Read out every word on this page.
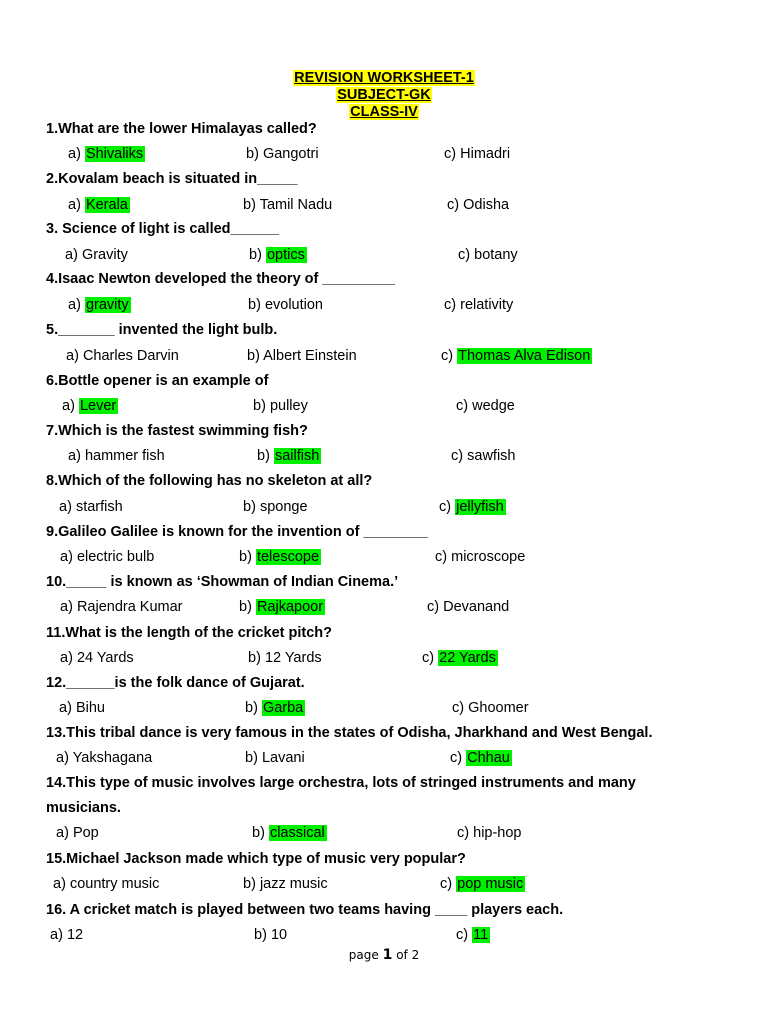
REVISION WORKSHEET-1
SUBJECT-GK
CLASS-IV
1.What are the lower Himalayas called?
a) Shivaliks	b) Gangotri	c) Himadri
2.Kovalam beach is situated in_____
a) Kerala	b) Tamil Nadu	c) Odisha
3. Science of light is called______
a) Gravity	b) optics	c) botany
4.Isaac Newton developed the theory of _________
a) gravity	b) evolution	c) relativity
5._______ invented the light bulb.
a) Charles Darvin	b) Albert Einstein	c) Thomas Alva Edison
6.Bottle opener is an example of
a) Lever	b) pulley	c) wedge
7.Which is the fastest swimming fish?
a) hammer fish	b) sailfish	c) sawfish
8.Which of the following has no skeleton at all?
a) starfish	b) sponge	c) jellyfish
9.Galileo Galilee is known for the invention of ________
a) electric bulb	b) telescope	c) microscope
10._____ is known as ‘Showman of Indian Cinema.’
a) Rajendra Kumar	b) Rajkapoor	c) Devanand
11.What is the length of the cricket pitch?
a) 24 Yards	b) 12 Yards	c) 22 Yards
12.______is the folk dance of Gujarat.
a) Bihu	b) Garba	c) Ghoomer
13.This tribal dance is very famous in the states of Odisha, Jharkhand and West Bengal.
a) Yakshagana	b) Lavani	c) Chhau
14.This type of music involves large orchestra, lots of stringed instruments and many
musicians.
a) Pop	b) classical	c) hip-hop
15.Michael Jackson made which type of music very popular?
a) country music	b) jazz music	c) pop music
16. A cricket match is played between two teams having ____ players each.
a) 12	b) 10	c) 11
page 1 of 2
